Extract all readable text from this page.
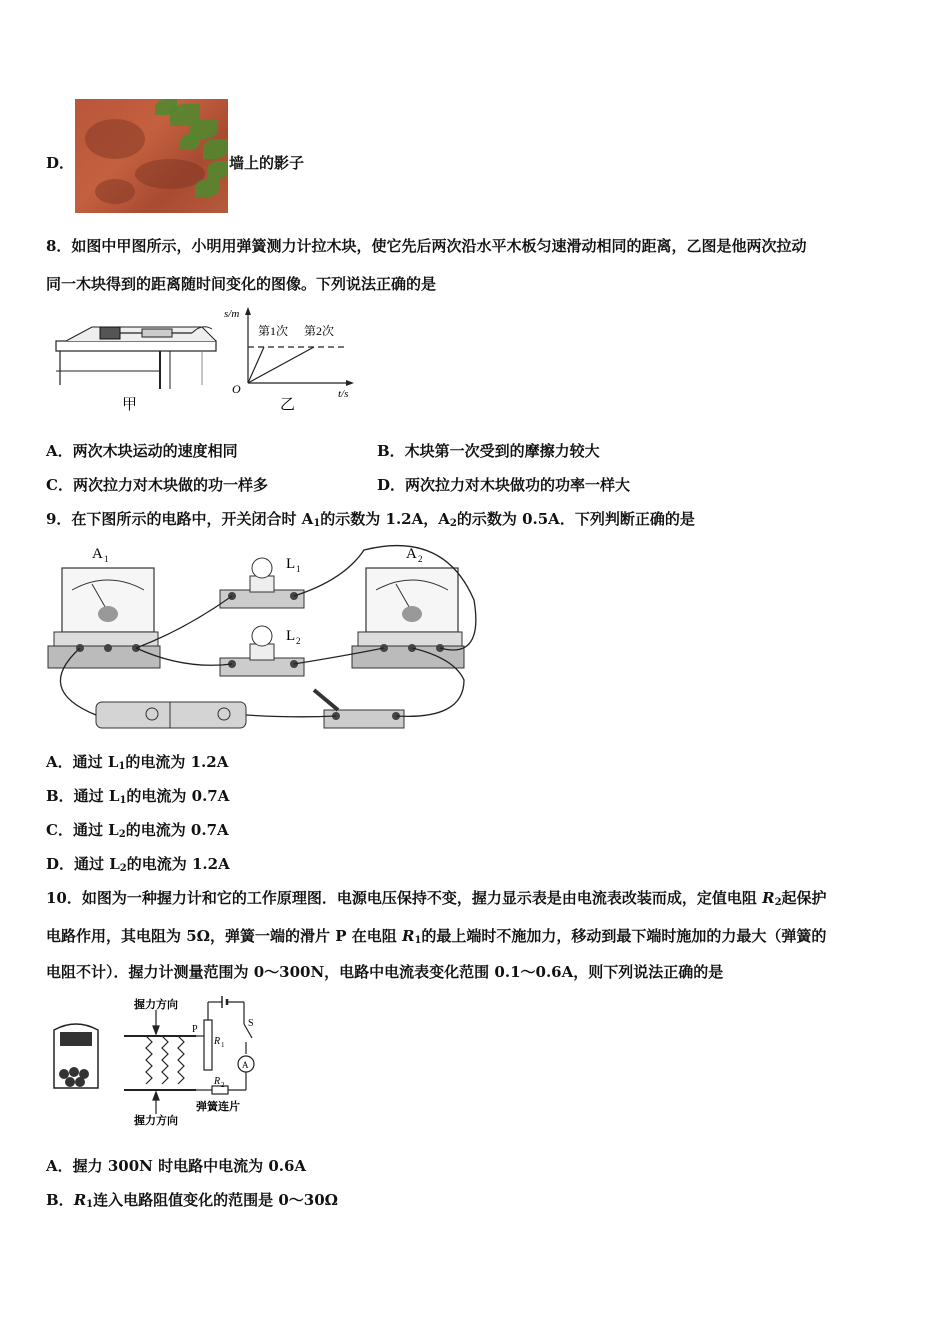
D．	墙上的影子
8．如图中甲图所示，小明用弹簧测力计拉木块，使它先后两次沿水平木板匀速滑动相同的距离，乙图是他两次拉动
同一木块得到的距离随时间变化的图像。下列说法正确的是
甲
s/m
O	t/s
第1次 第2次
乙
A．两次木块运动的速度相同	B．木块第一次受到的摩擦力较大
C．两次拉力对木块做的功一样多	D．两次拉力对木块做功的功率一样大
9．在下图所示的电路中，开关闭合时 $A_1$的示数为 1.2A，$A_2$的示数为 0.5A．下列判断正确的是
A 1	L 1
L 2
A 2
A．通过 $L_1$的电流为 1.2A
B．通过 $L_1$的电流为 0.7A
C．通过 $L_2$的电流为 0.7A
D．通过 $L_2$的电流为 1.2A
10．如图为一种握力计和它的工作原理图．电源电压保持不变，握力显示表是由电流表改装而成，定值电阻 $R_2$起保护
电路作用，其电阻为 5Ω，弹簧一端的滑片 P 在电阻 $R_1$的最上端时不施加力，移动到最下端时施加的力最大（弹簧的
电阻不计）．握力计测量范围为 0～300N，电路中电流表变化范围 0.1～0.6A，则下列说法正确的是
握力方向
握力方向
弹簧连片
P
R 1
R 2
S
A
A．握力 300N 时电路中电流为 0.6A
B．$R_1$连入电路阻值变化的范围是 0～30Ω
